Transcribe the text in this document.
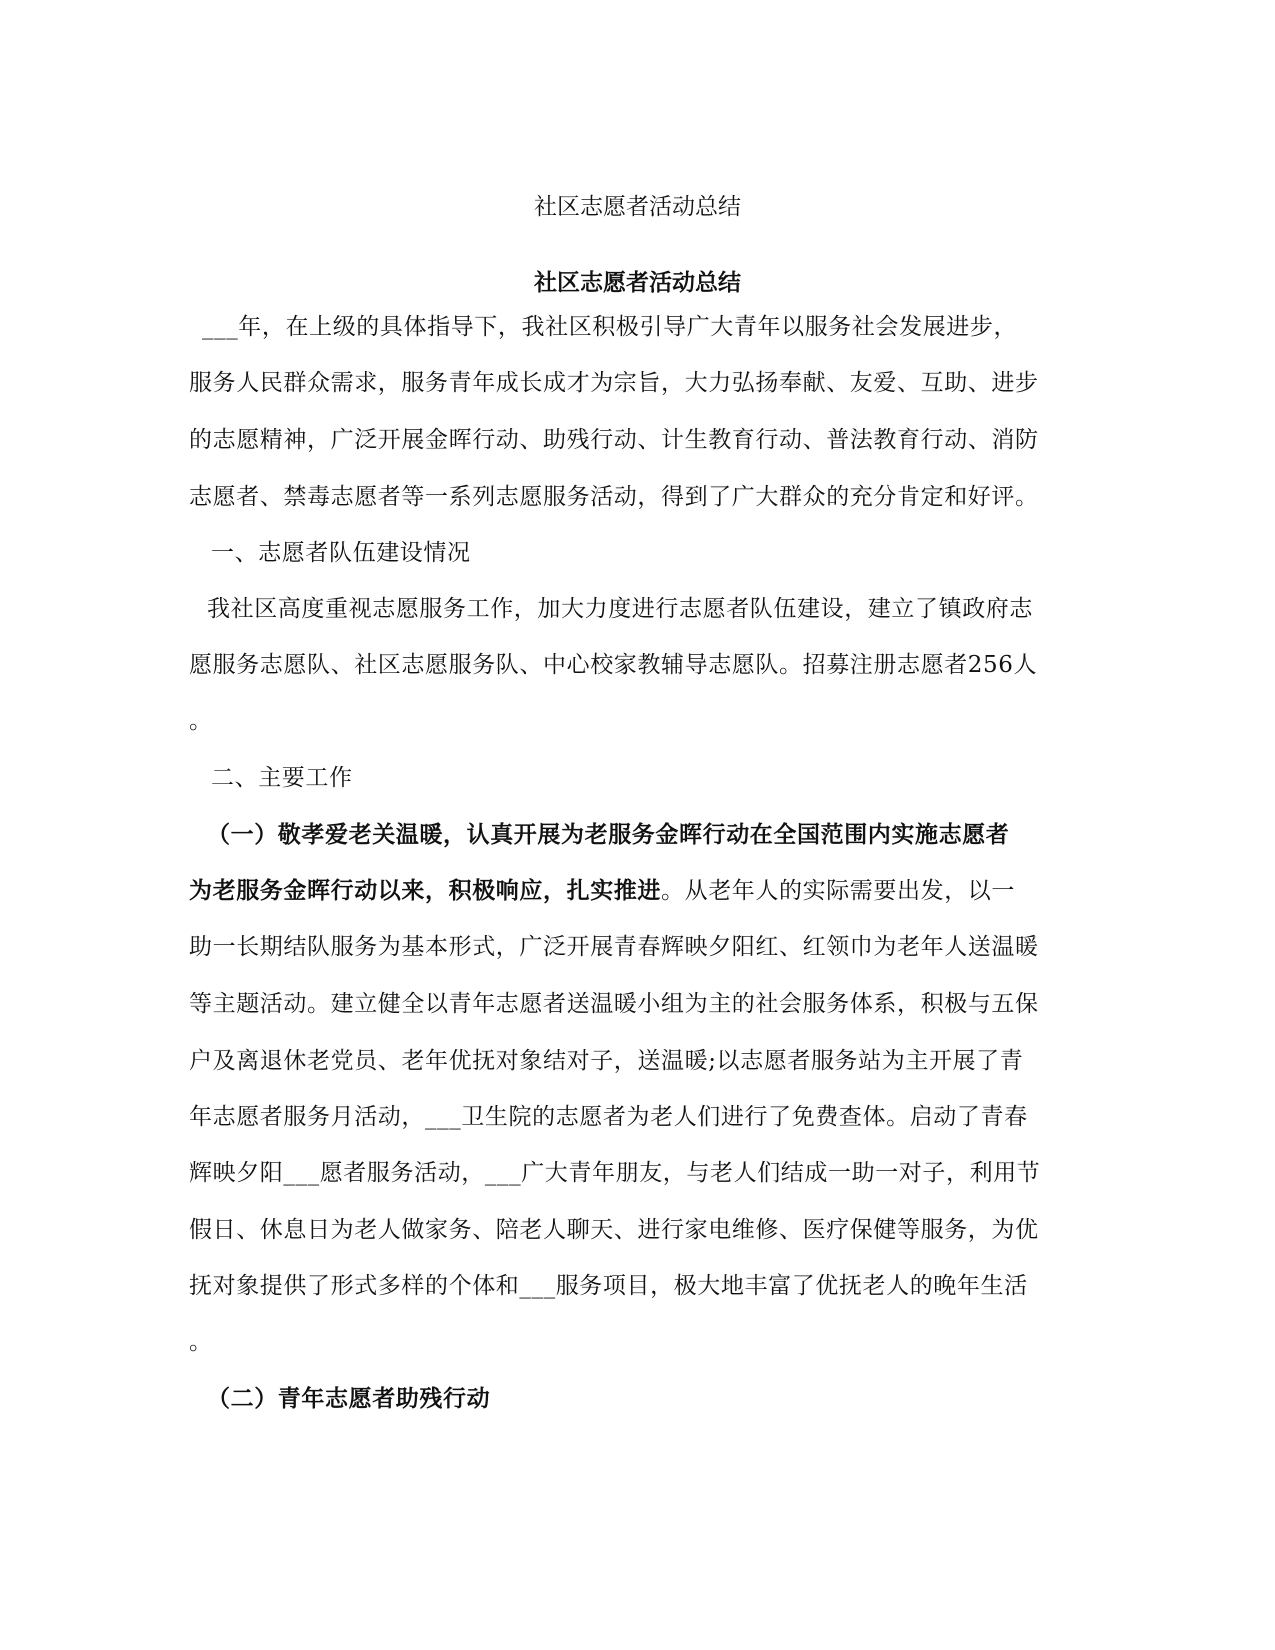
社区志愿者活动总结
社区志愿者活动总结
___年，在上级的具体指导下，我社区积极引导广大青年以服务社会发展进步，
服务人民群众需求，服务青年成长成才为宗旨，大力弘扬奉献、友爱、互助、进步
的志愿精神，广泛开展金晖行动、助残行动、计生教育行动、普法教育行动、消防
志愿者、禁毒志愿者等一系列志愿服务活动，得到了广大群众的充分肯定和好评。
一、志愿者队伍建设情况
我社区高度重视志愿服务工作，加大力度进行志愿者队伍建设，建立了镇政府志
愿服务志愿队、社区志愿服务队、中心校家教辅导志愿队。招募注册志愿者256人
。
二、主要工作
（一）敬孝爱老关温暖，认真开展为老服务金晖行动在全国范围内实施志愿者
为老服务金晖行动以来，积极响应，扎实推进。从老年人的实际需要出发，以一
助一长期结队服务为基本形式，广泛开展青春辉映夕阳红、红领巾为老年人送温暖
等主题活动。建立健全以青年志愿者送温暖小组为主的社会服务体系，积极与五保
户及离退休老党员、老年优抚对象结对子，送温暖;以志愿者服务站为主开展了青
年志愿者服务月活动，___卫生院的志愿者为老人们进行了免费查体。启动了青春
辉映夕阳___愿者服务活动，___广大青年朋友，与老人们结成一助一对子，利用节
假日、休息日为老人做家务、陪老人聊天、进行家电维修、医疗保健等服务，为优
抚对象提供了形式多样的个体和___服务项目，极大地丰富了优抚老人的晚年生活
。
（二）青年志愿者助残行动
